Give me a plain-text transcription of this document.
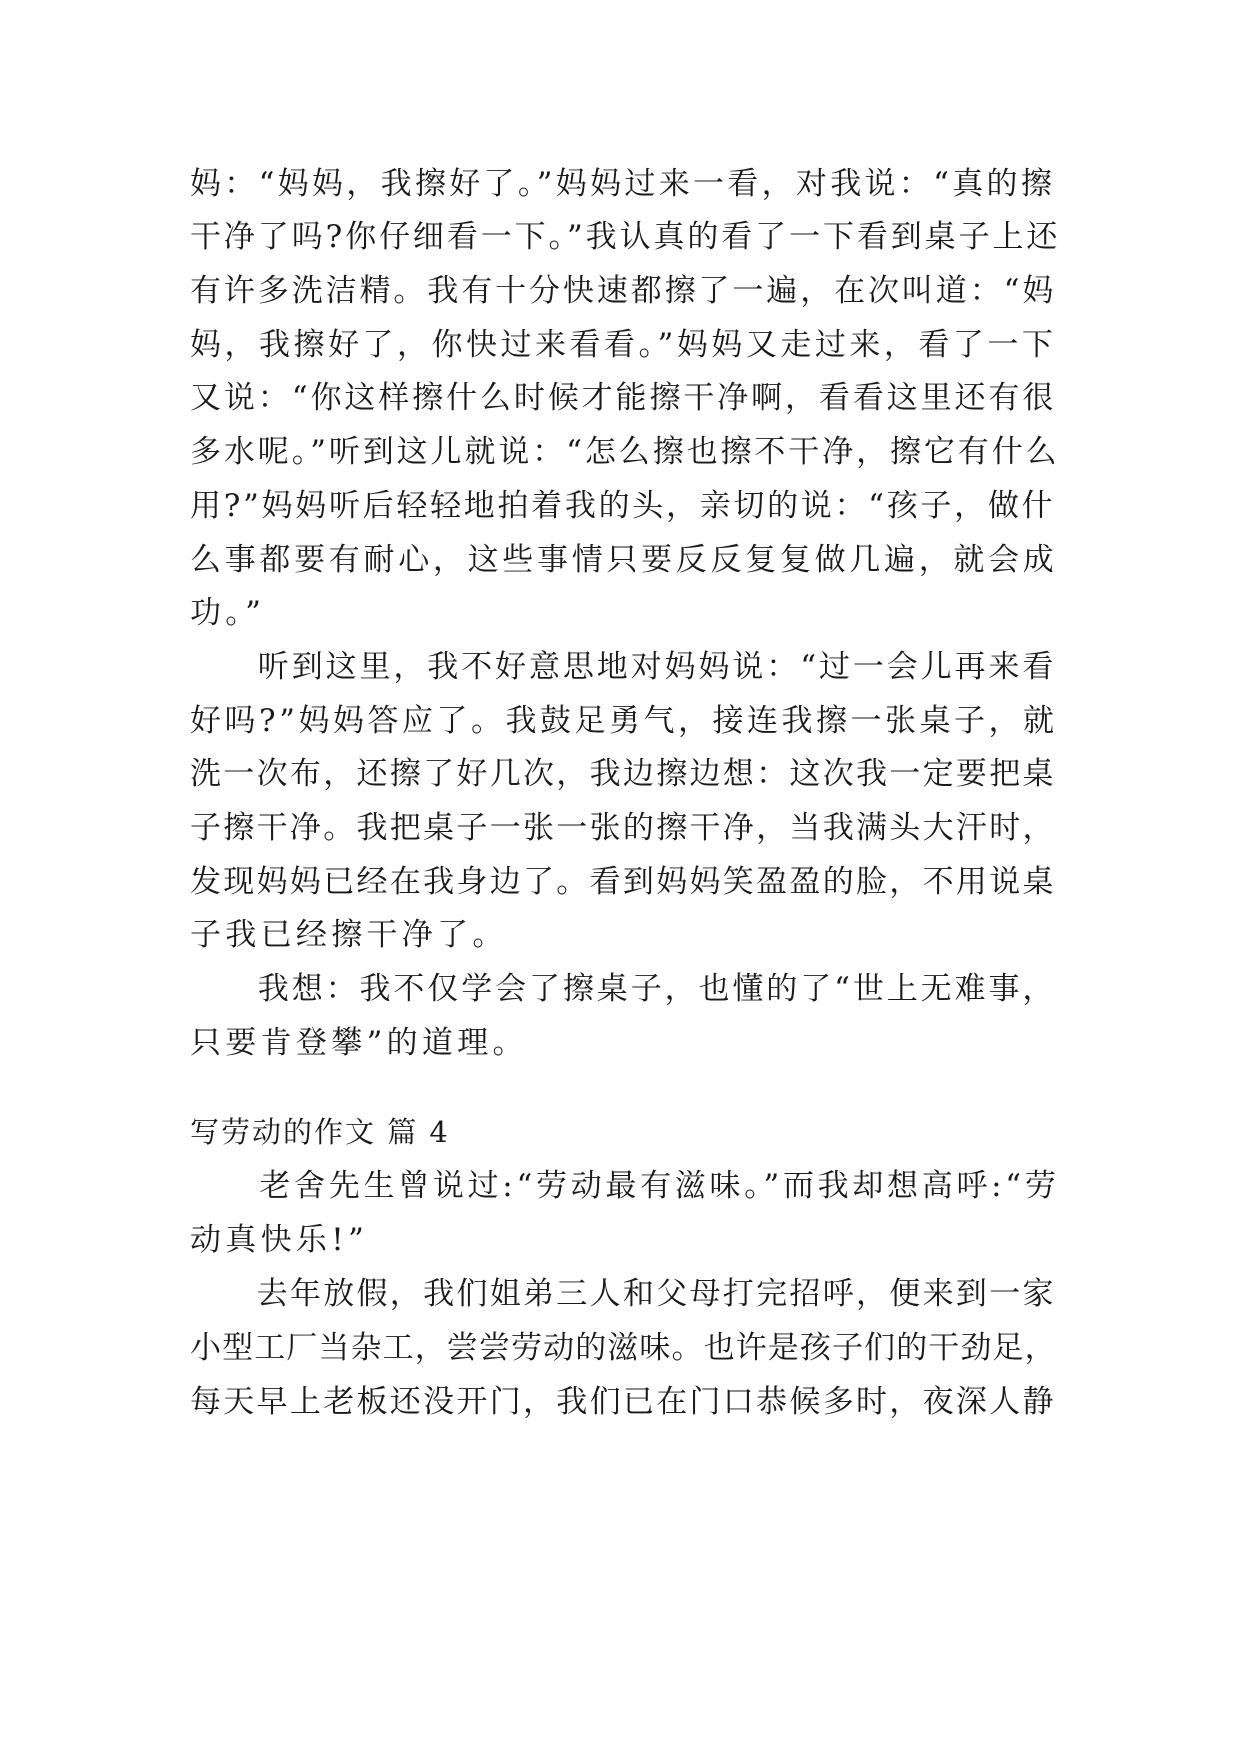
妈：“妈妈，我擦好了。”妈妈过来一看，对我说：“真的擦
干净了吗?你仔细看一下。”我认真的看了一下看到桌子上还
有许多洗洁精。我有十分快速都擦了一遍，在次叫道：“妈
妈，我擦好了，你快过来看看。”妈妈又走过来，看了一下
又说：“你这样擦什么时候才能擦干净啊，看看这里还有很
多水呢。”听到这儿就说：“怎么擦也擦不干净，擦它有什么
用?”妈妈听后轻轻地拍着我的头，亲切的说：“孩子，做什
么事都要有耐心，这些事情只要反反复复做几遍，就会成
功。”
　　听到这里，我不好意思地对妈妈说：“过一会儿再来看
好吗?”妈妈答应了。我鼓足勇气，接连我擦一张桌子，就
洗一次布，还擦了好几次，我边擦边想：这次我一定要把桌
子擦干净。我把桌子一张一张的擦干净，当我满头大汗时，
发现妈妈已经在我身边了。看到妈妈笑盈盈的脸，不用说桌
子我已经擦干净了。
　　我想：我不仅学会了擦桌子，也懂的了“世上无难事，
只要肯登攀”的道理。
写劳动的作文 篇 4
　　老舍先生曾说过:“劳动最有滋味。”而我却想高呼:“劳
动真快乐!”
　　去年放假，我们姐弟三人和父母打完招呼，便来到一家
小型工厂当杂工，尝尝劳动的滋味。也许是孩子们的干劲足，
每天早上老板还没开门，我们已在门口恭候多时，夜深人静
